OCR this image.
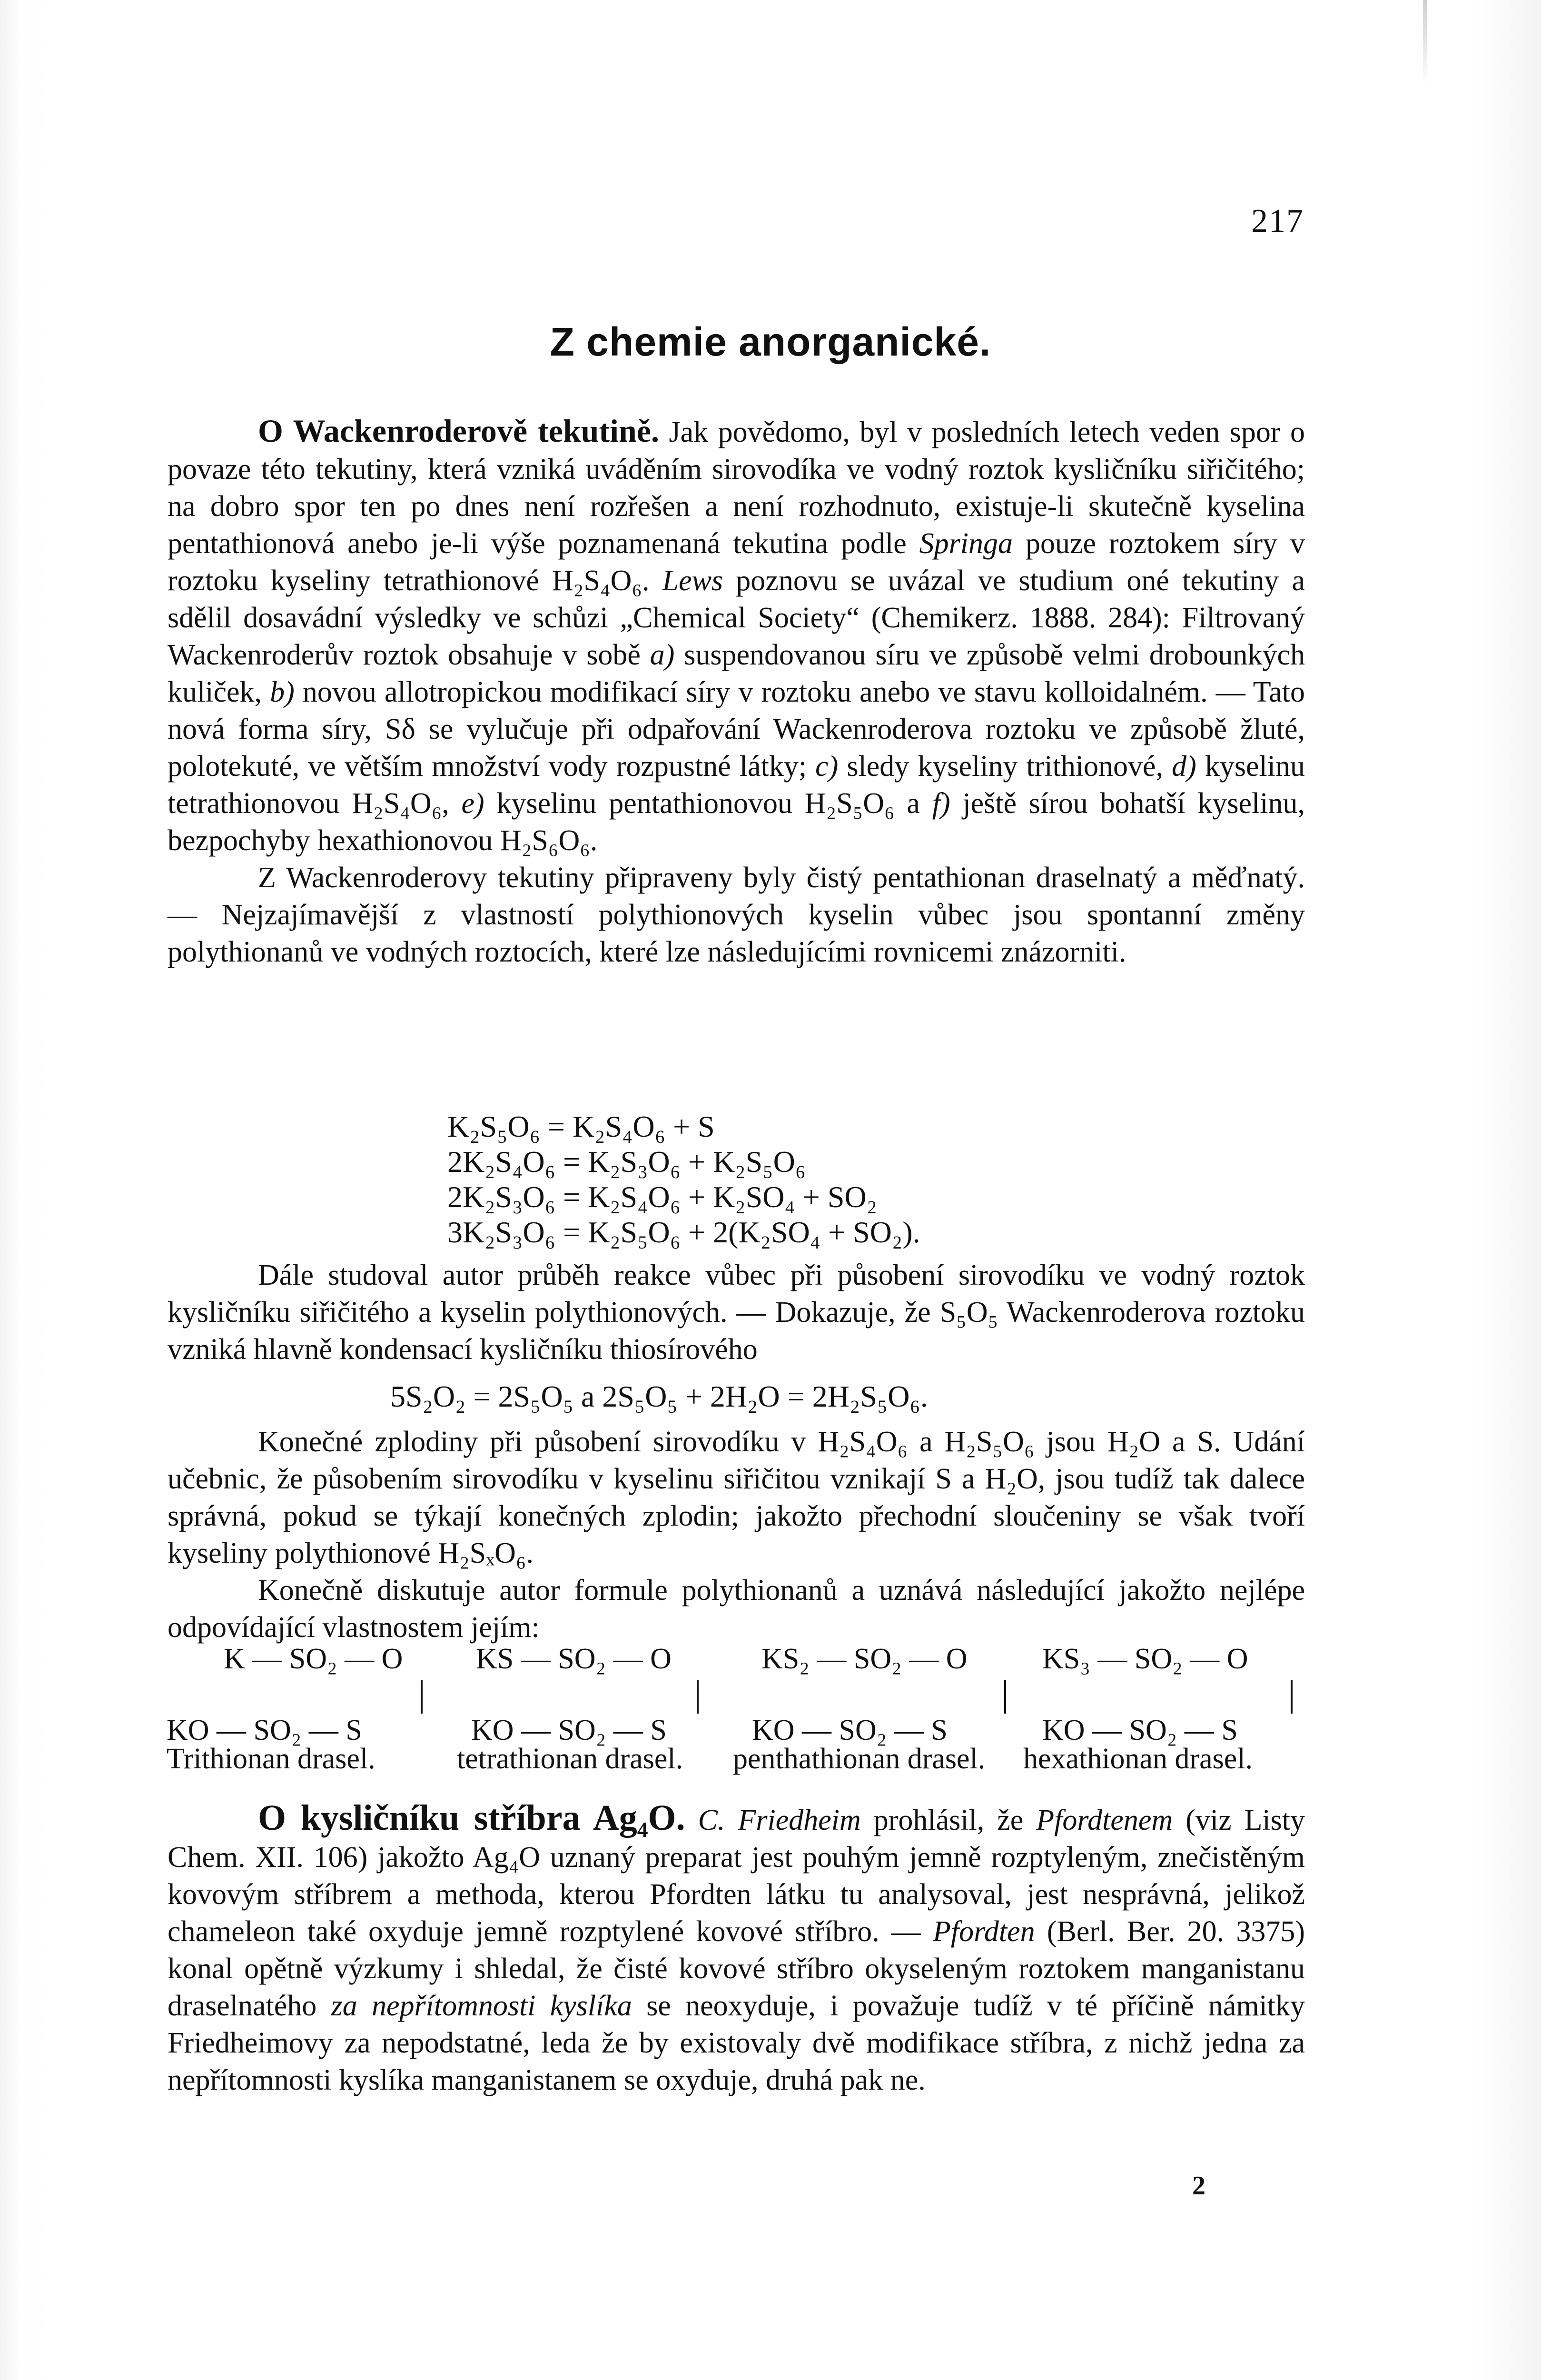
217
Z chemie anorganické.

O Wackenroderově tekutině. Jak povědomo, byl v posledních letech veden spor o povaze této tekutiny, která vzniká uváděním sirovodíka ve vodný roztok kysličníku siřičitého; na dobro spor ten po dnes není rozřešen a není rozhodnuto, existuje-li skutečně kyselina pentathionová anebo je-li výše poznamenaná tekutina podle Springa pouze roztokem síry v roztoku kyseliny tetrathionové H₂S₄O₆. Lews poznovu se uvázal ve studium oné tekutiny a sdělil dosavádní výsledky ve schůzi „Chemical Society“ (Chemikerz. 1888. 284): Filtrovaný Wackenroderův roztok obsahuje v sobě a) suspendovanou síru ve způsobě velmi drobounkých kuliček, b) novou allotropickou modifikací síry v roztoku anebo ve stavu kolloidalném. — Tato nová forma síry, Sδ se vylučuje při odpařování Wackenroderova roztoku ve způsobě žluté, polotekuté, ve větším množství vody rozpustné látky; c) sledy kyseliny trithionové, d) kyselinu tetrathionovou H₂S₄O₆, e) kyselinu pentathionovou H₂S₅O₆ a f) ještě sírou bohatší kyselinu, bezpochyby hexathionovou H₂S₆O₆.

Z Wackenroderovy tekutiny připraveny byly čistý pentathionan draselnatý a měďnatý. — Nejzajímavější z vlastností polythionových kyselin vůbec jsou spontanní změny polythionanů ve vodných roztocích, které lze následujícími rovnicemi znázorniti.

K₂S₅O₆ = K₂S₄O₆ + S
2K₂S₄O₆ = K₂S₃O₆ + K₂S₅O₆
2K₂S₃O₆ = K₂S₄O₆ + K₂SO₄ + SO₂
3K₂S₃O₆ = K₂S₅O₆ + 2(K₂SO₄ + SO₂).

Dále studoval autor průběh reakce vůbec při působení sirovodíku ve vodný roztok kysličníku siřičitého a kyselin polythionových. — Dokazuje, že S₅O₅ Wackenroderova roztoku vzniká hlavně kondensací kysličníku thiosírového

5S₂O₂ = 2S₅O₅ a 2S₅O₅ + 2H₂O = 2H₂S₅O₆.

Konečné zplodiny při působení sirovodíku v H₂S₄O₆ a H₂S₅O₆ jsou H₂O a S. Udání učebnic, že působením sirovodíku v kyselinu siřičitou vznikají S a H₂O, jsou tudíž tak dalece správná, pokud se týkají konečných zplodin; jakožto přechodní sloučeniny se však tvoří kyseliny polythionové H₂SₓO₆.

Konečně diskutuje autor formule polythionanů a uznává následující jakožto nejlépe odpovídající vlastnostem jejím:

K — SO₂ — O
KO — SO₂ — S
Trithionan drasel.
KS — SO₂ — O
KO — SO₂ — S
tetrathionan drasel.
KS₂ — SO₂ — O
KO — SO₂ — S
penthathionan drasel.
KS₃ — SO₂ — O
KO — SO₂ — S
hexathionan drasel.

O kysličníku stříbra Ag₄O. C. Friedheim prohlásil, že Pfordtenem (viz Listy Chem. XII. 106) jakožto Ag₄O uznaný preparat jest pouhým jemně rozptyleným, znečistěným kovovým stříbrem a methoda, kterou Pfordten látku tu analysoval, jest nesprávná, jelikož chameleon také oxyduje jemně rozptylené kovové stříbro. — Pfordten (Berl. Ber. 20. 3375) konal opětně výzkumy i shledal, že čisté kovové stříbro okyseleným roztokem manganistanu draselnatého za nepřítomnosti kyslíka se neoxyduje, i považuje tudíž v té příčině námitky Friedheimovy za nepodstatné, leda že by existovaly dvě modifikace stříbra, z nichž jedna za nepřítomnosti kyslíka manganistanem se oxyduje, druhá pak ne.

2
